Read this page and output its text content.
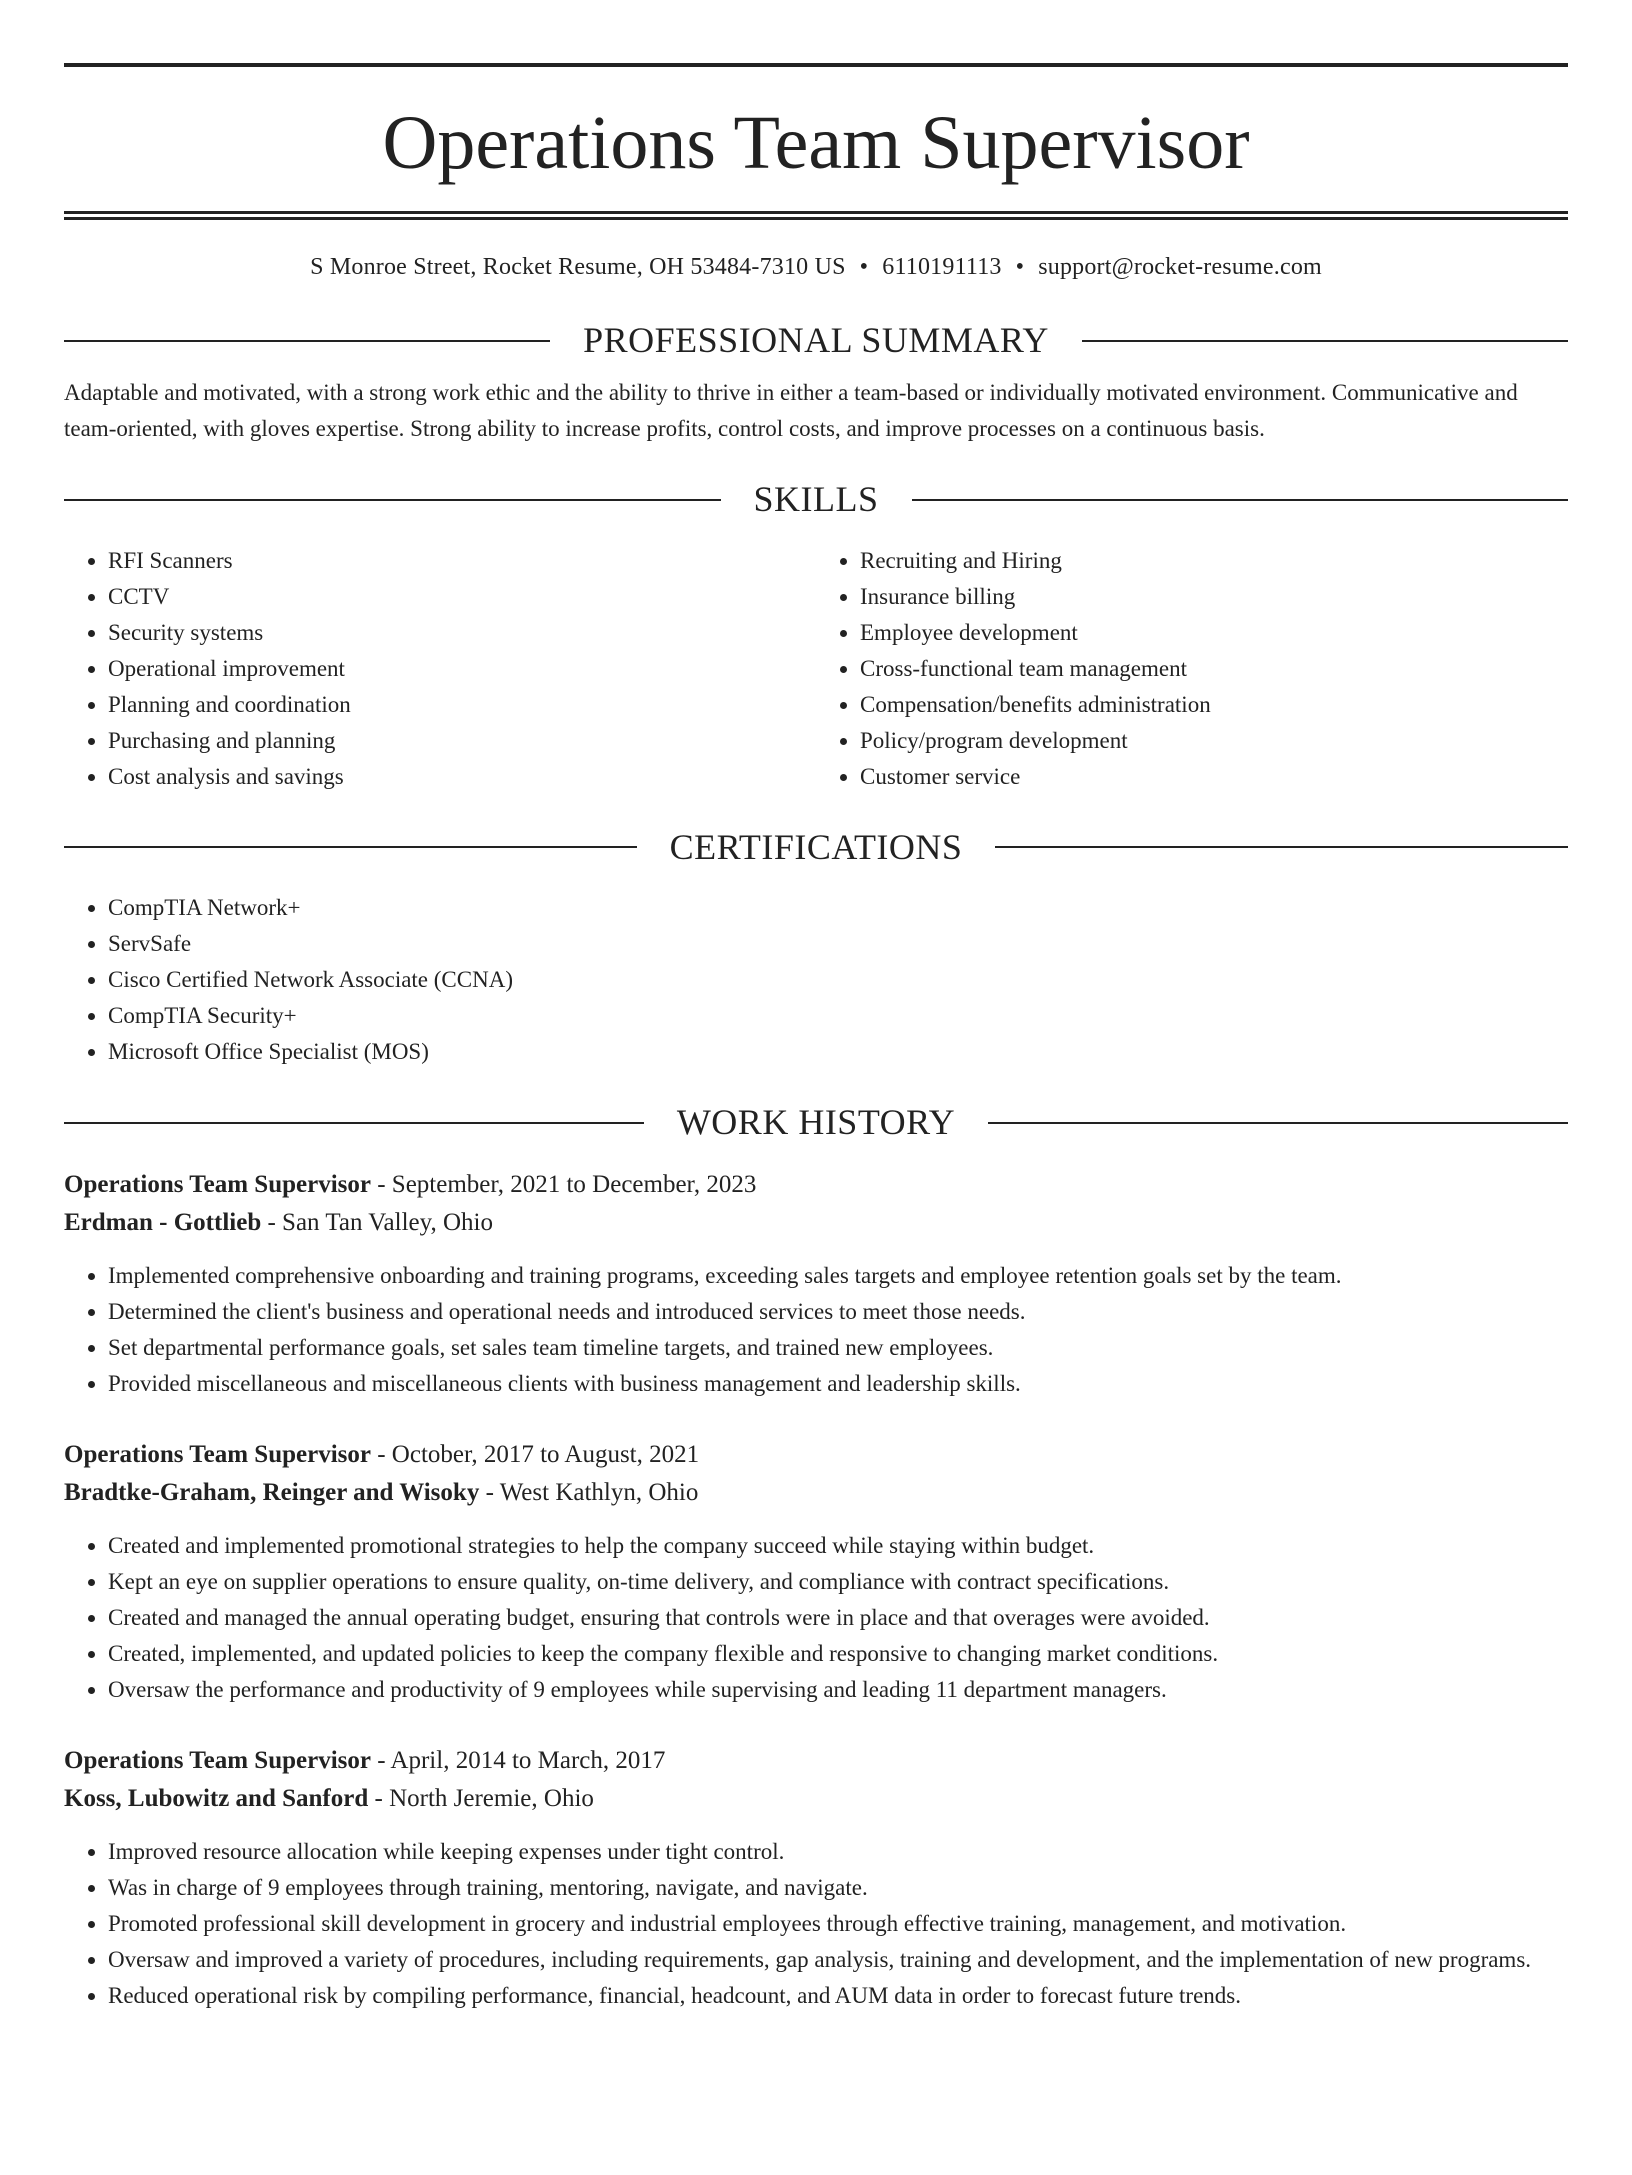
Operations Team Supervisor
S Monroe Street, Rocket Resume, OH 53484-7310 US • 6110191113 • support@rocket-resume.com
PROFESSIONAL SUMMARY
Adaptable and motivated, with a strong work ethic and the ability to thrive in either a team-based or individually motivated environment. Communicative and team-oriented, with gloves expertise. Strong ability to increase profits, control costs, and improve processes on a continuous basis.
SKILLS
• RFI Scanners
• CCTV
• Security systems
• Operational improvement
• Planning and coordination
• Purchasing and planning
• Cost analysis and savings
• Recruiting and Hiring
• Insurance billing
• Employee development
• Cross-functional team management
• Compensation/benefits administration
• Policy/program development
• Customer service
CERTIFICATIONS
• CompTIA Network+
• ServSafe
• Cisco Certified Network Associate (CCNA)
• CompTIA Security+
• Microsoft Office Specialist (MOS)
WORK HISTORY
Operations Team Supervisor - September, 2021 to December, 2023
Erdman - Gottlieb - San Tan Valley, Ohio
• Implemented comprehensive onboarding and training programs, exceeding sales targets and employee retention goals set by the team.
• Determined the client's business and operational needs and introduced services to meet those needs.
• Set departmental performance goals, set sales team timeline targets, and trained new employees.
• Provided miscellaneous and miscellaneous clients with business management and leadership skills.
Operations Team Supervisor - October, 2017 to August, 2021
Bradtke-Graham, Reinger and Wisoky - West Kathlyn, Ohio
• Created and implemented promotional strategies to help the company succeed while staying within budget.
• Kept an eye on supplier operations to ensure quality, on-time delivery, and compliance with contract specifications.
• Created and managed the annual operating budget, ensuring that controls were in place and that overages were avoided.
• Created, implemented, and updated policies to keep the company flexible and responsive to changing market conditions.
• Oversaw the performance and productivity of 9 employees while supervising and leading 11 department managers.
Operations Team Supervisor - April, 2014 to March, 2017
Koss, Lubowitz and Sanford - North Jeremie, Ohio
• Improved resource allocation while keeping expenses under tight control.
• Was in charge of 9 employees through training, mentoring, navigate, and navigate.
• Promoted professional skill development in grocery and industrial employees through effective training, management, and motivation.
• Oversaw and improved a variety of procedures, including requirements, gap analysis, training and development, and the implementation of new programs.
• Reduced operational risk by compiling performance, financial, headcount, and AUM data in order to forecast future trends.
